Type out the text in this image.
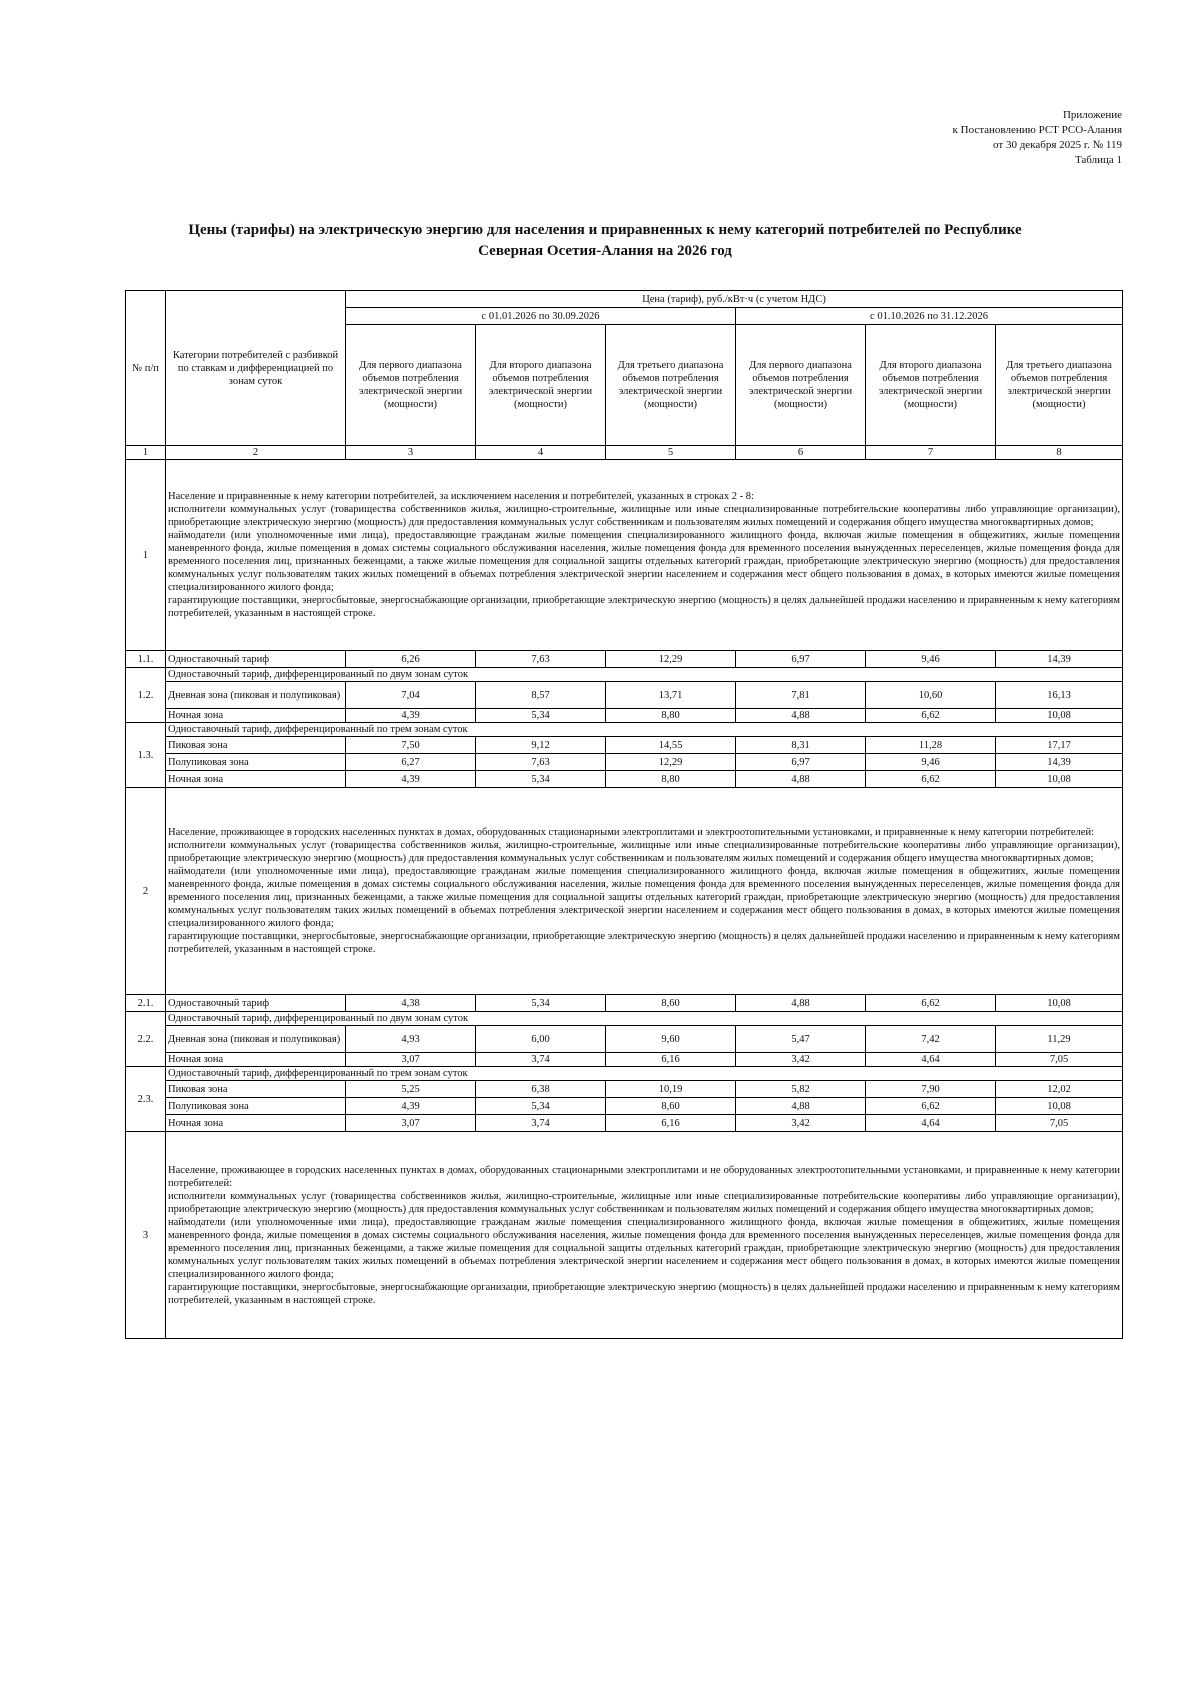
Приложение
к Постановлению РСТ РСО-Алания
от 30 декабря 2025 г. № 119
Таблица 1
Цены (тарифы) на электрическую энергию для населения и приравненных к нему категорий потребителей по Республике
Северная Осетия-Алания на 2026 год
№ п/п	Категории потребителей с разбивкой по ставкам и дифференциацией по зонам суток	Цена (тариф), руб./кВт·ч (с учетом НДС)					
		с 01.01.2026 по 30.09.2026			с 01.10.2026 по 31.12.2026		
		Для первого диапазона объемов потребления электрической энергии (мощности)	Для второго диапазона объемов потребления электрической энергии (мощности)	Для третьего диапазона объемов потребления электрической энергии (мощности)	Для первого диапазона объемов потребления электрической энергии (мощности)	Для второго диапазона объемов потребления электрической энергии (мощности)	Для третьего диапазона объемов потребления электрической энергии (мощности)
1	2	3	4	5	6	7	8
1	Население и приравненные к нему категории потребителей, за исключением населения и потребителей, указанных в строках 2 - 8:
исполнители коммунальных услуг (товарищества собственников жилья, жилищно-строительные, жилищные или иные специализированные потребительские кооперативы либо управляющие организации), приобретающие электрическую энергию (мощность) для предоставления коммунальных услуг собственникам и пользователям жилых помещений и содержания общего имущества многоквартирных домов;
наймодатели (или уполномоченные ими лица), предоставляющие гражданам жилые помещения специализированного жилищного фонда, включая жилые помещения в общежитиях, жилые помещения маневренного фонда, жилые помещения в домах системы социального обслуживания населения, жилые помещения фонда для временного поселения вынужденных переселенцев, жилые помещения фонда для временного поселения лиц, признанных беженцами, а также жилые помещения для социальной защиты отдельных категорий граждан, приобретающие электрическую энергию (мощность) для предоставления коммунальных услуг пользователям таких жилых помещений в объемах потребления электрической энергии населением и содержания мест общего пользования в домах, в которых имеются жилые помещения специализированного жилого фонда;
гарантирующие поставщики, энергосбытовые, энергоснабжающие организации, приобретающие электрическую энергию (мощность) в целях дальнейшей продажи населению и приравненным к нему категориям потребителей, указанным в настоящей строке.						
1.1.	Одноставочный тариф	6,26	7,63	12,29	6,97	9,46	14,39
1.2.	Одноставочный тариф, дифференцированный по двум зонам суток						
	Дневная зона (пиковая и полупиковая)	7,04	8,57	13,71	7,81	10,60	16,13
	Ночная зона	4,39	5,34	8,80	4,88	6,62	10,08
1.3.	Одноставочный тариф, дифференцированный по трем зонам суток						
	Пиковая зона	7,50	9,12	14,55	8,31	11,28	17,17
	Полупиковая зона	6,27	7,63	12,29	6,97	9,46	14,39
	Ночная зона	4,39	5,34	8,80	4,88	6,62	10,08
2	Население, проживающее в городских населенных пунктах в домах, оборудованных стационарными электроплитами и электроотопительными установками, и приравненные к нему категории потребителей:
исполнители коммунальных услуг (товарищества собственников жилья, жилищно-строительные, жилищные или иные специализированные потребительские кооперативы либо управляющие организации), приобретающие электрическую энергию (мощность) для предоставления коммунальных услуг собственникам и пользователям жилых помещений и содержания общего имущества многоквартирных домов;
наймодатели (или уполномоченные ими лица), предоставляющие гражданам жилые помещения специализированного жилищного фонда, включая жилые помещения в общежитиях, жилые помещения маневренного фонда, жилые помещения в домах системы социального обслуживания населения, жилые помещения фонда для временного поселения вынужденных переселенцев, жилые помещения фонда для временного поселения лиц, признанных беженцами, а также жилые помещения для социальной защиты отдельных категорий граждан, приобретающие электрическую энергию (мощность) для предоставления коммунальных услуг пользователям таких жилых помещений в объемах потребления электрической энергии населением и содержания мест общего пользования в домах, в которых имеются жилые помещения специализированного жилого фонда;
гарантирующие поставщики, энергосбытовые, энергоснабжающие организации, приобретающие электрическую энергию (мощность) в целях дальнейшей продажи населению и приравненным к нему категориям потребителей, указанным в настоящей строке.						
2.1.	Одноставочный тариф	4,38	5,34	8,60	4,88	6,62	10,08
2.2.	Одноставочный тариф, дифференцированный по двум зонам суток						
	Дневная зона (пиковая и полупиковая)	4,93	6,00	9,60	5,47	7,42	11,29
	Ночная зона	3,07	3,74	6,16	3,42	4,64	7,05
2.3.	Одноставочный тариф, дифференцированный по трем зонам суток						
	Пиковая зона	5,25	6,38	10,19	5,82	7,90	12,02
	Полупиковая зона	4,39	5,34	8,60	4,88	6,62	10,08
	Ночная зона	3,07	3,74	6,16	3,42	4,64	7,05
3	Население, проживающее в городских населенных пунктах в домах, оборудованных стационарными электроплитами и не оборудованных электроотопительными установками, и приравненные к нему категории потребителей:
исполнители коммунальных услуг (товарищества собственников жилья, жилищно-строительные, жилищные или иные специализированные потребительские кооперативы либо управляющие организации), приобретающие электрическую энергию (мощность) для предоставления коммунальных услуг собственникам и пользователям жилых помещений и содержания общего имущества многоквартирных домов;
наймодатели (или уполномоченные ими лица), предоставляющие гражданам жилые помещения специализированного жилищного фонда, включая жилые помещения в общежитиях, жилые помещения маневренного фонда, жилые помещения в домах системы социального обслуживания населения, жилые помещения фонда для временного поселения вынужденных переселенцев, жилые помещения фонда для временного поселения лиц, признанных беженцами, а также жилые помещения для социальной защиты отдельных категорий граждан, приобретающие электрическую энергию (мощность) для предоставления коммунальных услуг пользователям таких жилых помещений в объемах потребления электрической энергии населением и содержания мест общего пользования в домах, в которых имеются жилые помещения специализированного жилого фонда;
гарантирующие поставщики, энергосбытовые, энергоснабжающие организации, приобретающие электрическую энергию (мощность) в целях дальнейшей продажи населению и приравненным к нему категориям потребителей, указанным в настоящей строке.						
